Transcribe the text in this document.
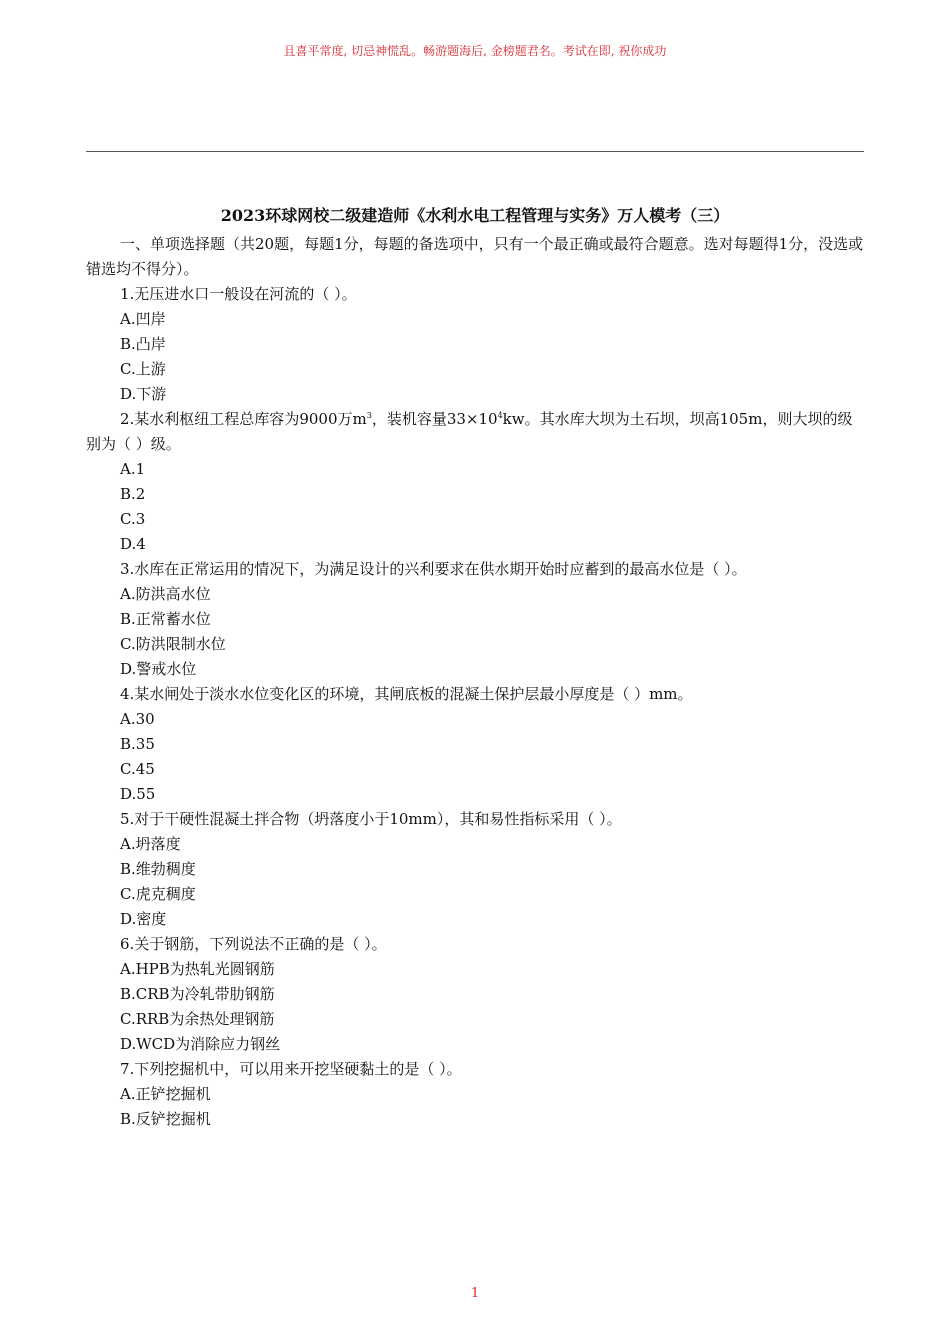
且喜平常度, 切忌神慌乱。畅游题海后, 金榜题君名。考试在即, 祝你成功
2023环球网校二级建造师《水利水电工程管理与实务》万人模考（三）
一、单项选择题（共20题，每题1分，每题的备选项中，只有一个最正确或最符合题意。选对每题得1分，没选或错选均不得分）。
1.无压进水口一般设在河流的（ ）。
A.凹岸
B.凸岸
C.上游
D.下游
2.某水利枢纽工程总库容为9000万$m^3$，装机容量$33\times 10^4kw$。其水库大坝为土石坝，坝高105m，则大坝的级别为（ ）级。
A.1
B.2
C.3
D.4
3.水库在正常运用的情况下，为满足设计的兴利要求在供水期开始时应蓄到的最高水位是（ ）。
A.防洪高水位
B.正常蓄水位
C.防洪限制水位
D.警戒水位
4.某水闸处于淡水水位变化区的环境，其闸底板的混凝土保护层最小厚度是（ ）mm。
A.30
B.35
C.45
D.55
5.对于干硬性混凝土拌合物（坍落度小于10mm），其和易性指标采用（ ）。
A.坍落度
B.维勃稠度
C.虎克稠度
D.密度
6.关于钢筋，下列说法不正确的是（ ）。
A.HPB为热轧光圆钢筋
B.CRB为冷轧带肋钢筋
C.RRB为余热处理钢筋
D.WCD为消除应力钢丝
7.下列挖掘机中，可以用来开挖坚硬黏土的是（ ）。
A.正铲挖掘机
B.反铲挖掘机
1
